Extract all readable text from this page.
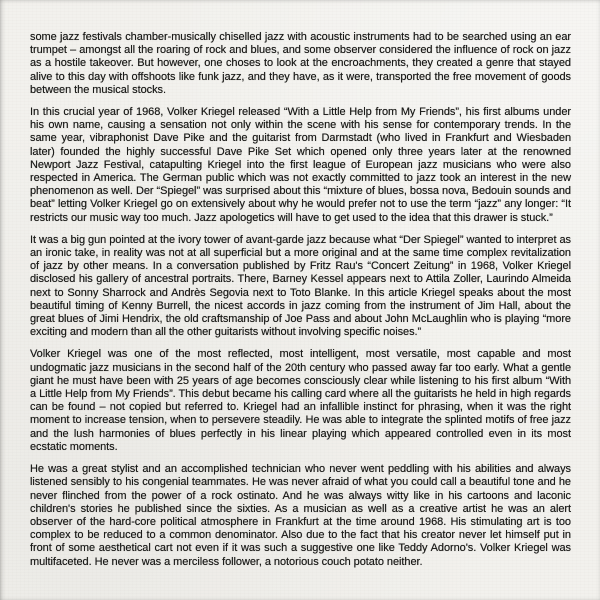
some jazz festivals chamber-musically chiselled jazz with acoustic instruments had to be searched using an ear trumpet – amongst all the roaring of rock and blues, and some observer considered the influence of rock on jazz as a hostile takeover. But however, one choses to look at the encroachments, they created a genre that stayed alive to this day with offshoots like funk jazz, and they have, as it were, transported the free movement of goods between the musical stocks.

In this crucial year of 1968, Volker Kriegel released “With a Little Help from My Friends”, his first albums under his own name, causing a sensation not only within the scene with his sense for contemporary trends. In the same year, vibraphonist Dave Pike and the guitarist from Darmstadt (who lived in Frankfurt and Wiesbaden later) founded the highly successful Dave Pike Set which opened only three years later at the renowned Newport Jazz Festival, catapulting Kriegel into the first league of European jazz musicians who were also respected in America. The German public which was not exactly committed to jazz took an interest in the new phenomenon as well. Der “Spiegel” was surprised about this “mixture of blues, bossa nova, Bedouin sounds and beat” letting Volker Kriegel go on extensively about why he would prefer not to use the term “jazz” any longer: “It restricts our music way too much. Jazz apologetics will have to get used to the idea that this drawer is stuck.”

It was a big gun pointed at the ivory tower of avant-garde jazz because what “Der Spiegel” wanted to interpret as an ironic take, in reality was not at all superficial but a more original and at the same time complex revitalization of jazz by other means. In a conversation published by Fritz Rau's “Concert Zeitung” in 1968, Volker Kriegel disclosed his gallery of ancestral portraits. There, Barney Kessel appears next to Attila Zoller, Laurindo Almeida next to Sonny Sharrock and Andrès Segovia next to Toto Blanke. In this article Kriegel speaks about the most beautiful timing of Kenny Burrell, the nicest accords in jazz coming from the instrument of Jim Hall, about the great blues of Jimi Hendrix, the old craftsmanship of Joe Pass and about John McLaughlin who is playing “more exciting and modern than all the other guitarists without involving specific noises.”

Volker Kriegel was one of the most reflected, most intelligent, most versatile, most capable and most undogmatic jazz musicians in the second half of the 20th century who passed away far too early. What a gentle giant he must have been with 25 years of age becomes consciously clear while listening to his first album “With a Little Help from My Friends”. This debut became his calling card where all the guitarists he held in high regards can be found – not copied but referred to. Kriegel had an infallible instinct for phrasing, when it was the right moment to increase tension, when to persevere steadily. He was able to integrate the splinted motifs of free jazz and the lush harmonies of blues perfectly in his linear playing which appeared controlled even in its most ecstatic moments.

He was a great stylist and an accomplished technician who never went peddling with his abilities and always listened sensibly to his congenial teammates. He was never afraid of what you could call a beautiful tone and he never flinched from the power of a rock ostinato. And he was always witty like in his cartoons and laconic children's stories he published since the sixties. As a musician as well as a creative artist he was an alert observer of the hard-core political atmosphere in Frankfurt at the time around 1968. His stimulating art is too complex to be reduced to a common denominator. Also due to the fact that his creator never let himself put in front of some aesthetical cart not even if it was such a suggestive one like Teddy Adorno's. Volker Kriegel was multifaceted. He never was a merciless follower, a notorious couch potato neither.
